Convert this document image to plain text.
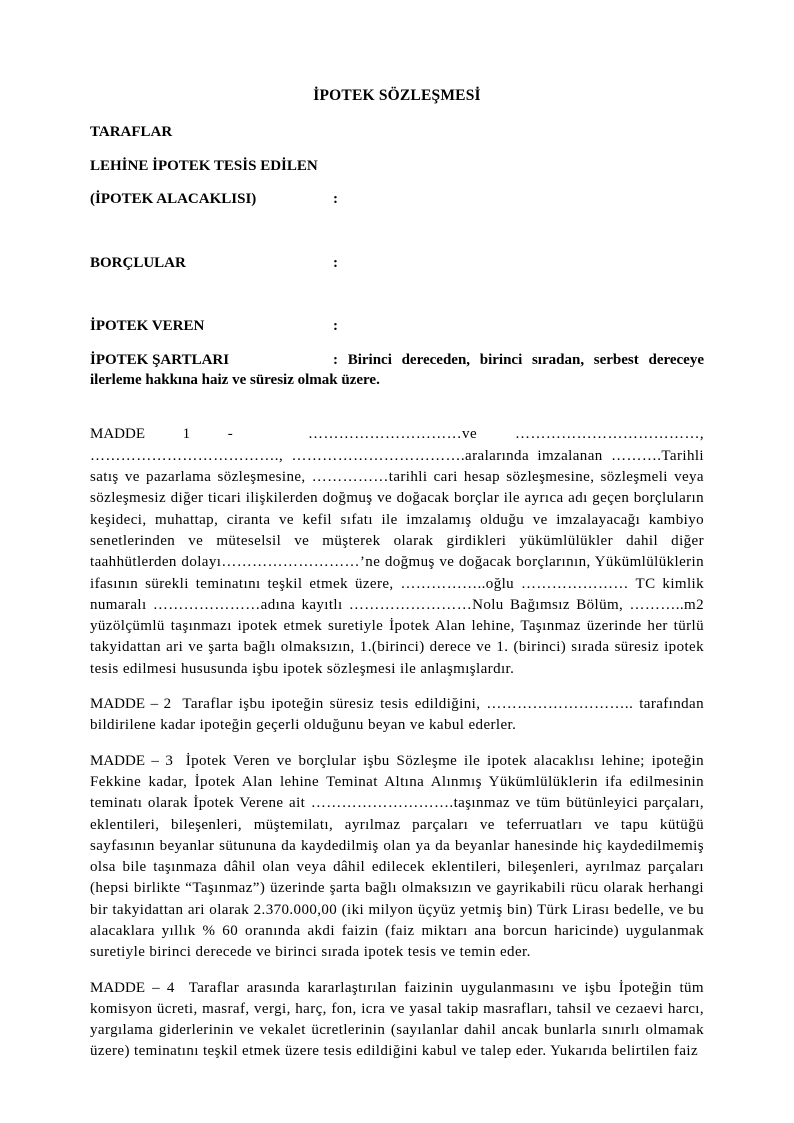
İPOTEK SÖZLEŞMESİ
TARAFLAR
LEHİNE İPOTEK TESİS EDİLEN
(İPOTEK ALACAKLISI)	:
BORÇLULAR	:
İPOTEK VEREN	:
İPOTEK ŞARTLARI	: Birinci dereceden, birinci sıradan, serbest dereceye ilerleme hakkına haiz ve süresiz olmak üzere.

MADDE 1 -  …………………………ve ………………………………, ………………………………., …………………………….aralarında imzalanan ……….Tarihli satış ve pazarlama sözleşmesine, ……………tarihli cari hesap sözleşmesine, sözleşmeli veya sözleşmesiz diğer ticari ilişkilerden doğmuş ve doğacak borçlar ile ayrıca adı geçen borçluların keşideci, muhattap, ciranta ve kefil sıfatı ile imzalamış olduğu ve imzalayacağı kambiyo senetlerinden ve müteselsil ve müşterek olarak girdikleri yükümlülükler dahil diğer taahhütlerden dolayı………………………’ne doğmuş ve doğacak borçlarının, Yükümlülüklerin ifasının sürekli teminatını teşkil etmek üzere, ……………..oğlu ………………… TC kimlik numaralı …………………adına kayıtlı ……………………Nolu Bağımsız Bölüm, ………..m2 yüzölçümlü taşınmazı ipotek etmek suretiyle İpotek Alan lehine, Taşınmaz üzerinde her türlü takyidattan ari ve şarta bağlı olmaksızın, 1.(birinci) derece ve 1. (birinci) sırada süresiz ipotek tesis edilmesi hususunda işbu ipotek sözleşmesi ile anlaşmışlardır.

MADDE – 2  Taraflar işbu ipoteğin süresiz tesis edildiğini, ……………………….. tarafından bildirilene kadar ipoteğin geçerli olduğunu beyan ve kabul ederler.

MADDE – 3  İpotek Veren ve borçlular işbu Sözleşme ile ipotek alacaklısı lehine; ipoteğin Fekkine kadar, İpotek Alan lehine Teminat Altına Alınmış Yükümlülüklerin ifa edilmesinin teminatı olarak İpotek Verene ait ……………………….taşınmaz ve tüm bütünleyici parçaları, eklentileri, bileşenleri, müştemilatı, ayrılmaz parçaları ve teferruatları ve tapu kütüğü sayfasının beyanlar sütununa da kaydedilmiş olan ya da beyanlar hanesinde hiç kaydedilmemiş olsa bile taşınmaza dâhil olan veya dâhil edilecek eklentileri, bileşenleri, ayrılmaz parçaları (hepsi birlikte “Taşınmaz”) üzerinde şarta bağlı olmaksızın ve gayrikabili rücu olarak herhangi bir takyidattan ari olarak 2.370.000,00 (iki milyon üçyüz yetmiş bin) Türk Lirası bedelle, ve bu alacaklara yıllık % 60 oranında akdi faizin (faiz miktarı ana borcun haricinde) uygulanmak suretiyle birinci derecede ve birinci sırada ipotek tesis ve temin eder.

MADDE – 4  Taraflar arasında kararlaştırılan faizinin uygulanmasını ve işbu İpoteğin tüm komisyon ücreti, masraf, vergi, harç, fon, icra ve yasal takip masrafları, tahsil ve cezaevi harcı, yargılama giderlerinin ve vekalet ücretlerinin (sayılanlar dahil ancak bunlarla sınırlı olmamak üzere) teminatını teşkil etmek üzere tesis edildiğini kabul ve talep eder. Yukarıda belirtilen faiz
